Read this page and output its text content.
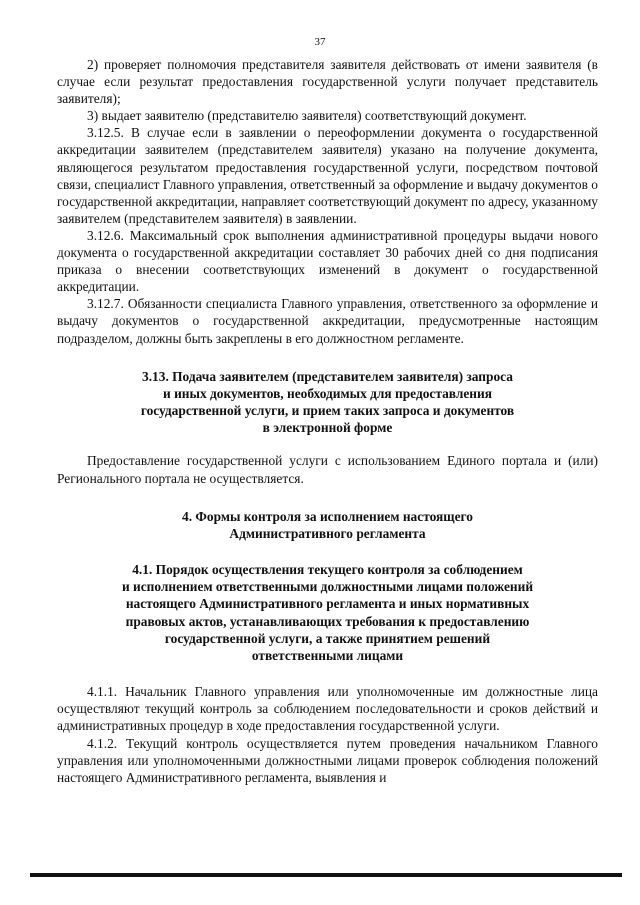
37

2) проверяет полномочия представителя заявителя действовать от имени заявителя (в случае если результат предоставления государственной услуги получает представитель заявителя);

3) выдает заявителю (представителю заявителя) соответствующий документ.

3.12.5. В случае если в заявлении о переоформлении документа о государственной аккредитации заявителем (представителем заявителя) указано на получение документа, являющегося результатом предоставления государственной услуги, посредством почтовой связи, специалист Главного управления, ответственный за оформление и выдачу документов о государственной аккредитации, направляет соответствующий документ по адресу, указанному заявителем (представителем заявителя) в заявлении.

3.12.6. Максимальный срок выполнения административной процедуры выдачи нового документа о государственной аккредитации составляет 30 рабочих дней со дня подписания приказа о внесении соответствующих изменений в документ о государственной аккредитации.

3.12.7. Обязанности специалиста Главного управления, ответственного за оформление и выдачу документов о государственной аккредитации, предусмотренные настоящим подразделом, должны быть закреплены в его должностном регламенте.

3.13. Подача заявителем (представителем заявителя) запроса

и иных документов, необходимых для предоставления

государственной услуги, и прием таких запроса и документов

в электронной форме

Предоставление государственной услуги с использованием Единого портала и (или) Регионального портала не осуществляется.

4. Формы контроля за исполнением настоящего

Административного регламента

4.1. Порядок осуществления текущего контроля за соблюдением

и исполнением ответственными должностными лицами положений

настоящего Административного регламента и иных нормативных

правовых актов, устанавливающих требования к предоставлению

государственной услуги, а также принятием решений

ответственными лицами

4.1.1. Начальник Главного управления или уполномоченные им должностные лица осуществляют текущий контроль за соблюдением последовательности и сроков действий и административных процедур в ходе предоставления государственной услуги.

4.1.2. Текущий контроль осуществляется путем проведения начальником Главного управления или уполномоченными должностными лицами проверок соблюдения положений настоящего Административного регламента, выявления и
